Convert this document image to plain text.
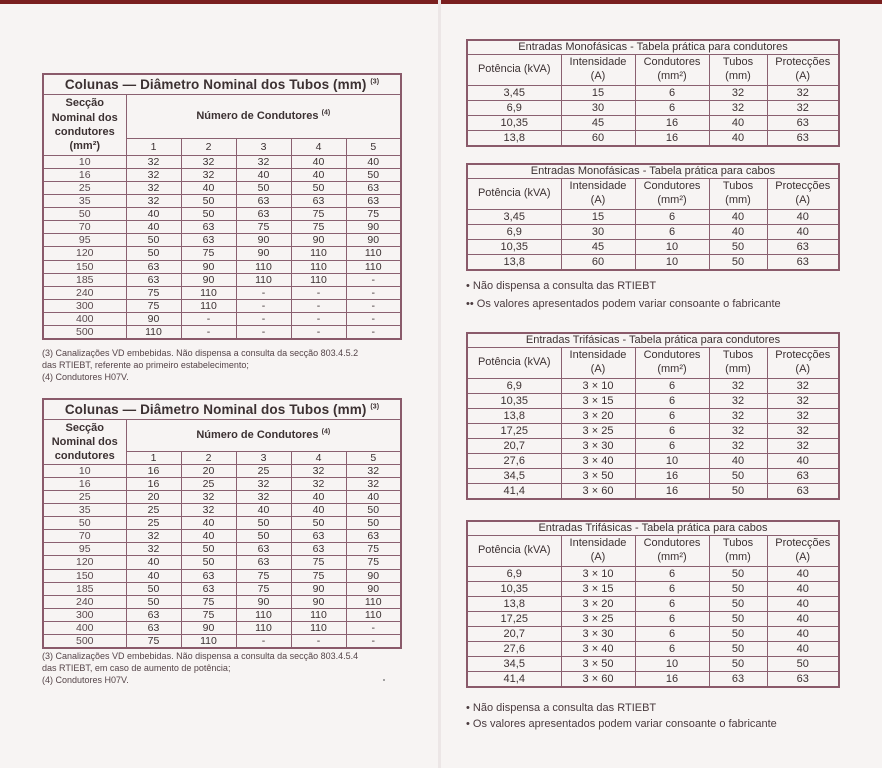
Colunas — Diâmetro Nominal dos Tubos (mm) $^{(3)}$
Secção Nominal dos condutores (mm²)	Número de Condutores $^{(4)}$
	1	2	3	4	5
10	32	32	32	40	40
16	32	32	40	40	50
25	32	40	50	50	63
35	32	50	63	63	63
50	40	50	63	75	75
70	40	63	75	75	90
95	50	63	90	90	90
120	50	75	90	110	110
150	63	90	110	110	110
185	63	90	110	110	-
240	75	110	-	-	-
300	75	110	-	-	-
400	90	-	-	-	-
500	110	-	-	-	-
(3) Canalizações VD embebidas. Não dispensa a consulta da secção 803.4.5.2
das RTIEBT, referente ao primeiro estabelecimento;
(4) Condutores H07V.
Colunas — Diâmetro Nominal dos Tubos (mm) $^{(3)}$
Secção Nominal dos condutores	Número de Condutores $^{(4)}$
	1	2	3	4	5
10	16	20	25	32	32
16	16	25	32	32	32
25	20	32	32	40	40
35	25	32	40	40	50
50	25	40	50	50	50
70	32	40	50	63	63
95	32	50	63	63	75
120	40	50	63	75	75
150	40	63	75	75	90
185	50	63	75	90	90
240	50	75	90	90	110
300	63	75	110	110	110
400	63	90	110	110	-
500	75	110	-	-	-
(3) Canalizações VD embebidas. Não dispensa a consulta da secção 803.4.5.4
das RTIEBT, em caso de aumento de potência;
(4) Condutores H07V.
Entradas Monofásicas - Tabela prática para condutores				
Potência (kVA)	Intensidade (A)	Condutores (mm²)	Tubos (mm)	Protecções (A)
3,45	15	6	32	32
6,9	30	6	32	32
10,35	45	16	40	63
13,8	60	16	40	63
Entradas Monofásicas - Tabela prática para cabos				
Potência (kVA)	Intensidade (A)	Condutores (mm²)	Tubos (mm)	Protecções (A)
3,45	15	6	40	40
6,9	30	6	40	40
10,35	45	10	50	63
13,8	60	10	50	63
• Não dispensa a consulta das RTIEBT
•• Os valores apresentados podem variar consoante o fabricante
Entradas Trifásicas - Tabela prática para condutores				
Potência (kVA)	Intensidade (A)	Condutores (mm²)	Tubos (mm)	Protecções (A)
6,9	3 × 10	6	32	32
10,35	3 × 15	6	32	32
13,8	3 × 20	6	32	32
17,25	3 × 25	6	32	32
20,7	3 × 30	6	32	32
27,6	3 × 40	10	40	40
34,5	3 × 50	16	50	63
41,4	3 × 60	16	50	63
Entradas Trifásicas - Tabela prática para cabos				
Potência (kVA)	Intensidade (A)	Condutores (mm²)	Tubos (mm)	Protecções (A)
6,9	3 × 10	6	50	40
10,35	3 × 15	6	50	40
13,8	3 × 20	6	50	40
17,25	3 × 25	6	50	40
20,7	3 × 30	6	50	40
27,6	3 × 40	6	50	40
34,5	3 × 50	10	50	50
41,4	3 × 60	16	63	63
• Não dispensa a consulta das RTIEBT
• Os valores apresentados podem variar consoante o fabricante
